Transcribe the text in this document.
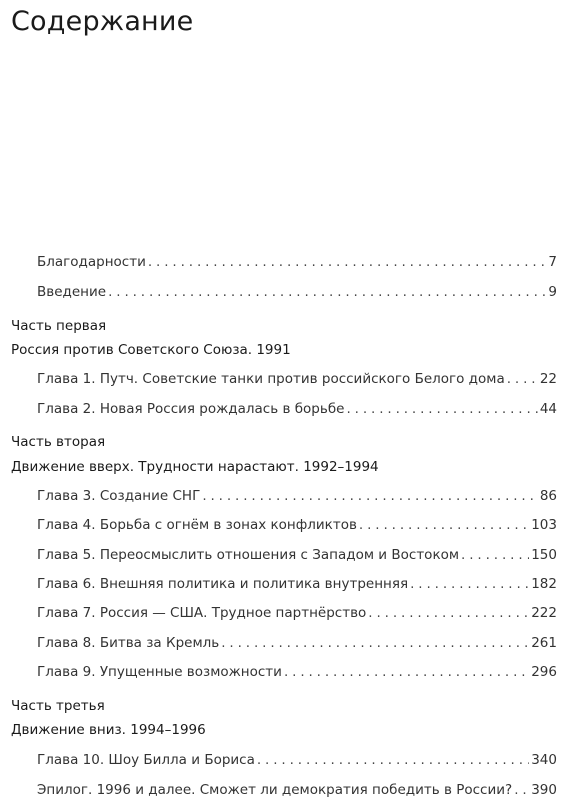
Содержание
Благодарности . . .	7
Введение . . .	9
Часть первая
Россия против Советского Союза. 1991
Глава 1. Путч. Советские танки против российского Белого дома . . .	22
Глава 2. Новая Россия рождалась в борьбе . . .	44
Часть вторая
Движение вверх. Трудности нарастают. 1992–1994
Глава 3. Создание СНГ . . .	86
Глава 4. Борьба с огнём в зонах конфликтов . . .	103
Глава 5. Переосмыслить отношения с Западом и Востоком . . .	150
Глава 6. Внешняя политика и политика внутренняя . . .	182
Глава 7. Россия — США. Трудное партнёрство . . .	222
Глава 8. Битва за Кремль . . .	261
Глава 9. Упущенные возможности . . .	296
Часть третья
Движение вниз. 1994–1996
Глава 10. Шоу Билла и Бориса . . .	340
Эпилог. 1996 и далее. Сможет ли демократия победить в России? . . . 390
